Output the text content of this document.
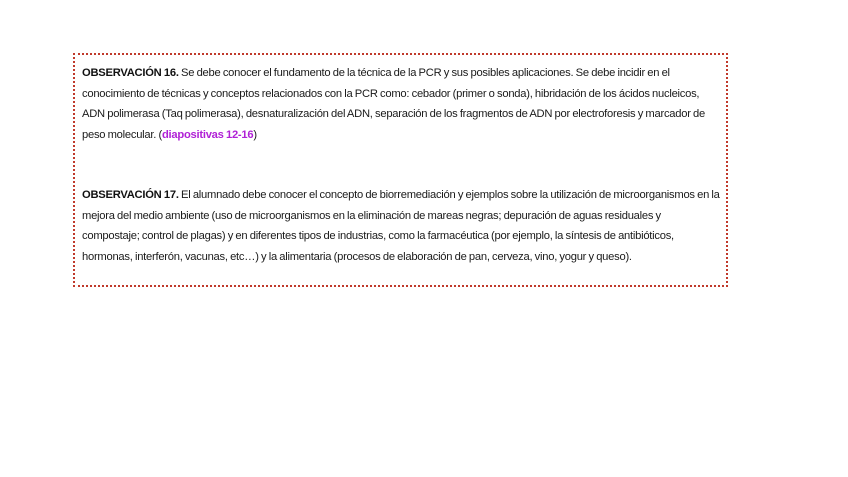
OBSERVACIÓN 16. Se debe conocer el fundamento de la técnica de la PCR y sus posibles aplicaciones. Se debe incidir en el conocimiento de técnicas y conceptos relacionados con la PCR como: cebador (primer o sonda), hibridación de los ácidos nucleicos, ADN polimerasa (Taq polimerasa), desnaturalización del ADN, separación de los fragmentos de ADN por electroforesis y marcador de peso molecular. (diapositivas 12-16)

OBSERVACIÓN 17. El alumnado debe conocer el concepto de biorremediación y ejemplos sobre la utilización de microorganismos en la mejora del medio ambiente (uso de microorganismos en la eliminación de mareas negras; depuración de aguas residuales y compostaje; control de plagas) y en diferentes tipos de industrias, como la farmacéutica (por ejemplo, la síntesis de antibióticos, hormonas, interferón, vacunas, etc…) y la alimentaria (procesos de elaboración de pan, cerveza, vino, yogur y queso).
